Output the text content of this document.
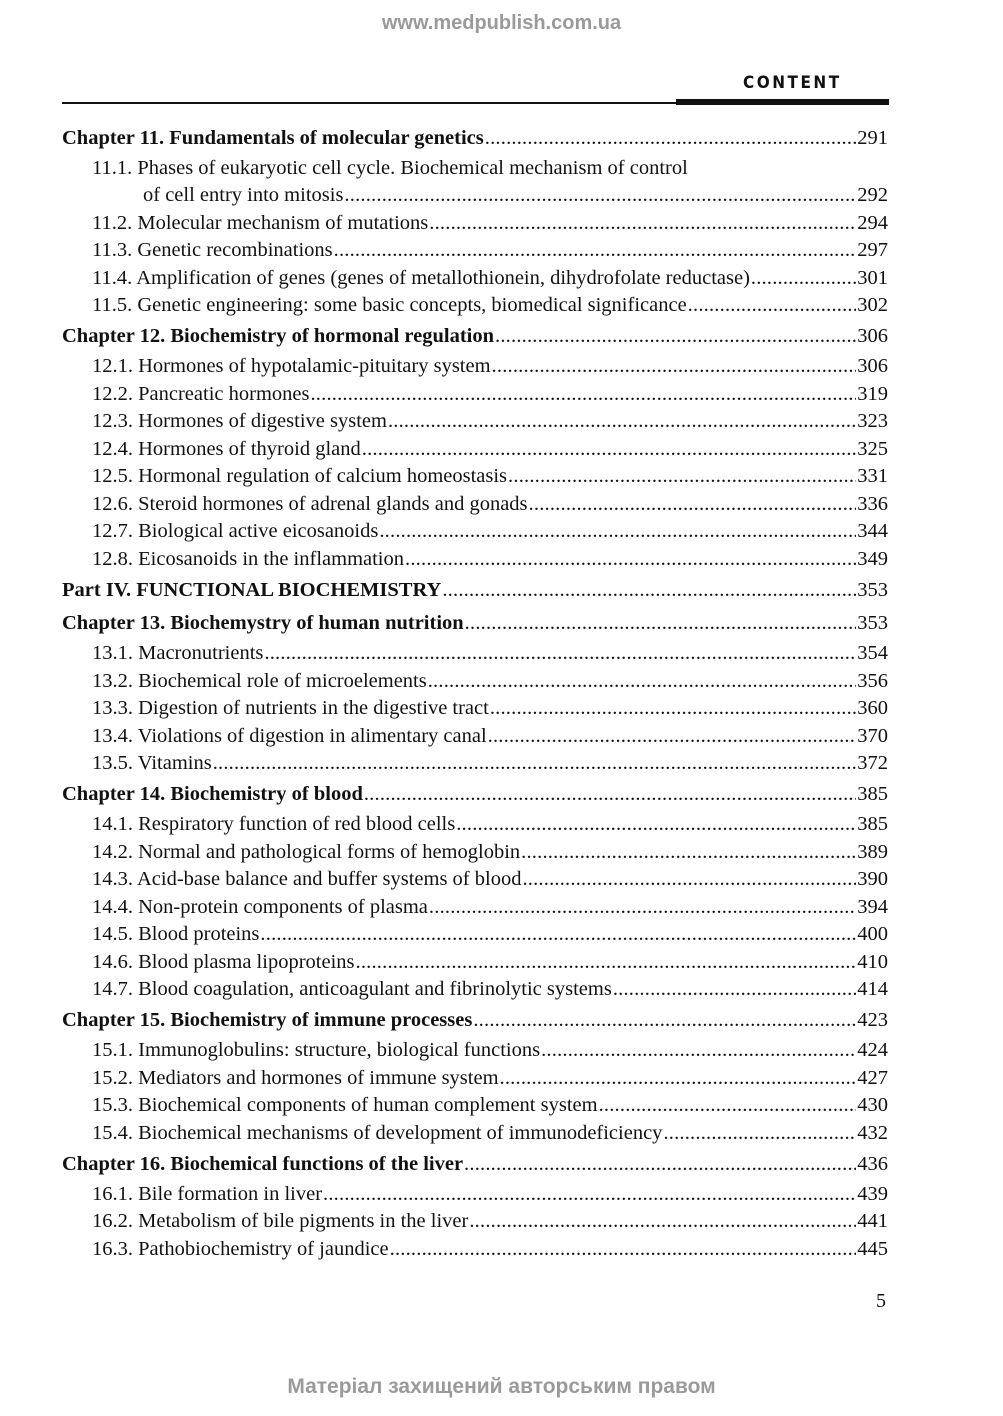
www.medpublish.com.ua
CONTENT
Chapter 11. Fundamentals of molecular genetics .....	291
11.1. Phases of eukaryotic cell cycle. Biochemical mechanism of control
of cell entry into mitosis .....	292
11.2. Molecular mechanism of mutations .....	294
11.3. Genetic recombinations .....	297
11.4. Amplification of genes (genes of metallothionein, dihydrofolate reductase) .....	301
11.5. Genetic engineering: some basic concepts, biomedical significance .....	302
Chapter 12. Biochemistry of hormonal regulation .....	306
12.1. Hormones of hypotalamic-pituitary system .....	306
12.2. Pancreatic hormones .....	319
12.3. Hormones of digestive system .....	323
12.4. Hormones of thyroid gland .....	325
12.5. Hormonal regulation of calcium homeostasis .....	331
12.6. Steroid hormones of adrenal glands and gonads .....	336
12.7. Biological active eicosanoids .....	344
12.8. Eicosanoids in the inflammation .....	349
Part IV. FUNCTIONAL BIOCHEMISTRY .....	353
Chapter 13. Biochemystry of human nutrition .....	353
13.1. Macronutrients .....	354
13.2. Biochemical role of microelements .....	356
13.3. Digestion of nutrients in the digestive tract .....	360
13.4. Violations of digestion in alimentary canal .....	370
13.5. Vitamins .....	372
Chapter 14. Biochemistry of blood .....	385
14.1. Respiratory function of red blood cells .....	385
14.2. Normal and pathological forms of hemoglobin .....	389
14.3. Acid-base balance and buffer systems of blood .....	390
14.4. Non-protein components of plasma .....	394
14.5. Blood proteins .....	400
14.6. Blood plasma lipoproteins .....	410
14.7. Blood coagulation, anticoagulant and fibrinolytic systems .....	414
Chapter 15. Biochemistry of immune processes .....	423
15.1. Immunoglobulins: structure, biological functions .....	424
15.2. Mediators and hormones of immune system .....	427
15.3. Biochemical components of human complement system .....	430
15.4. Biochemical mechanisms of development of immunodeficiency .....	432
Chapter 16. Biochemical functions of the liver .....	436
16.1. Bile formation in liver .....	439
16.2. Metabolism of bile pigments in the liver .....	441
16.3. Pathobiochemistry of jaundice .....	445
5
Матеріал захищений авторським правом
